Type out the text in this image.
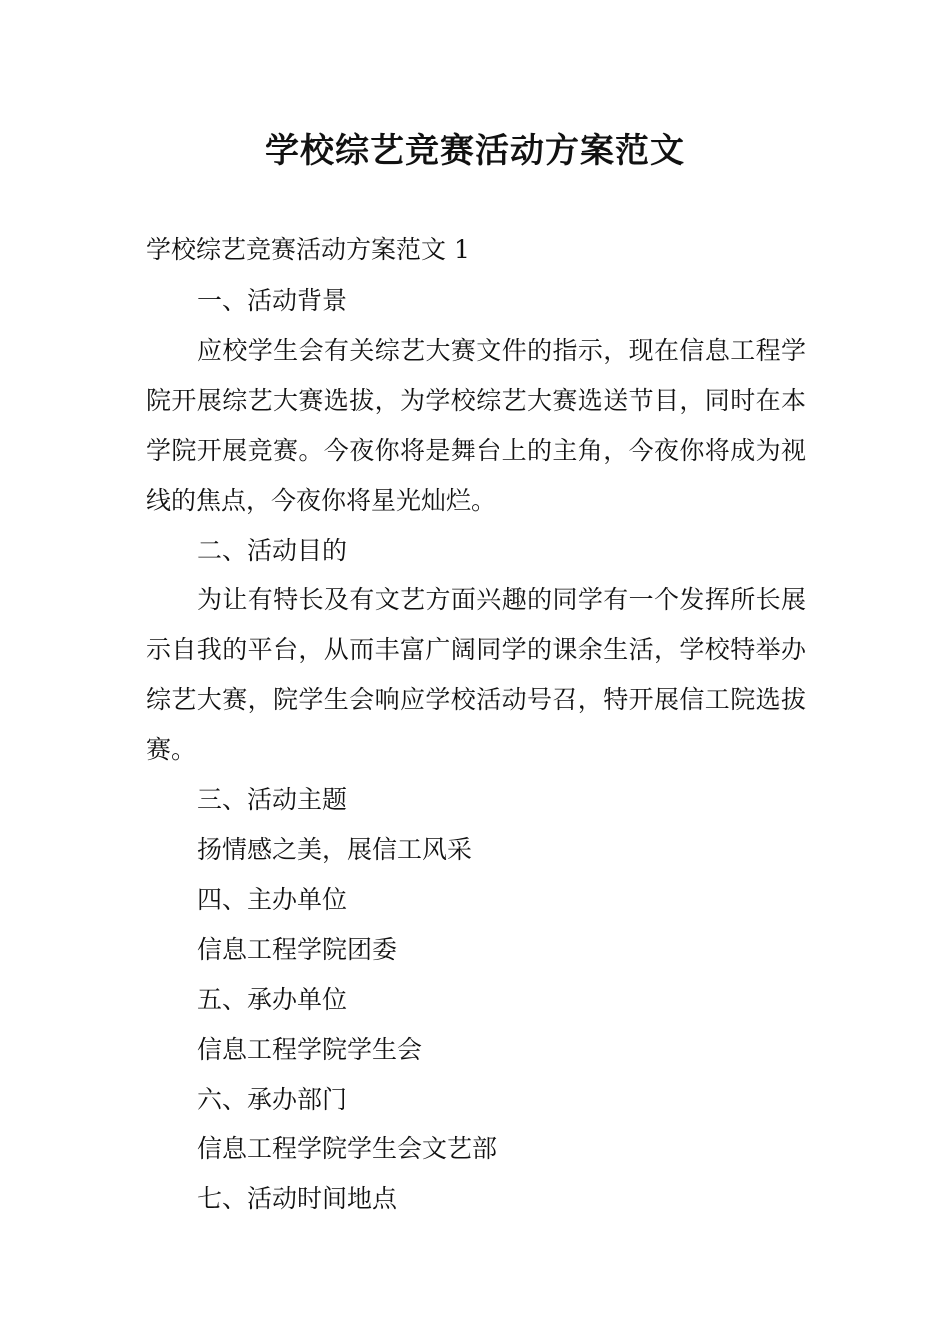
学校综艺竞赛活动方案范文

学校综艺竞赛活动方案范文 1

一、活动背景

应校学生会有关综艺大赛文件的指示，现在信息工程学院开展综艺大赛选拔，为学校综艺大赛选送节目，同时在本学院开展竞赛。今夜你将是舞台上的主角，今夜你将成为视线的焦点，今夜你将星光灿烂。

二、活动目的

为让有特长及有文艺方面兴趣的同学有一个发挥所长展示自我的平台，从而丰富广阔同学的课余生活，学校特举办综艺大赛，院学生会响应学校活动号召，特开展信工院选拔赛。

三、活动主题

扬情感之美，展信工风采

四、主办单位

信息工程学院团委

五、承办单位

信息工程学院学生会

六、承办部门

信息工程学院学生会文艺部

七、活动时间地点
